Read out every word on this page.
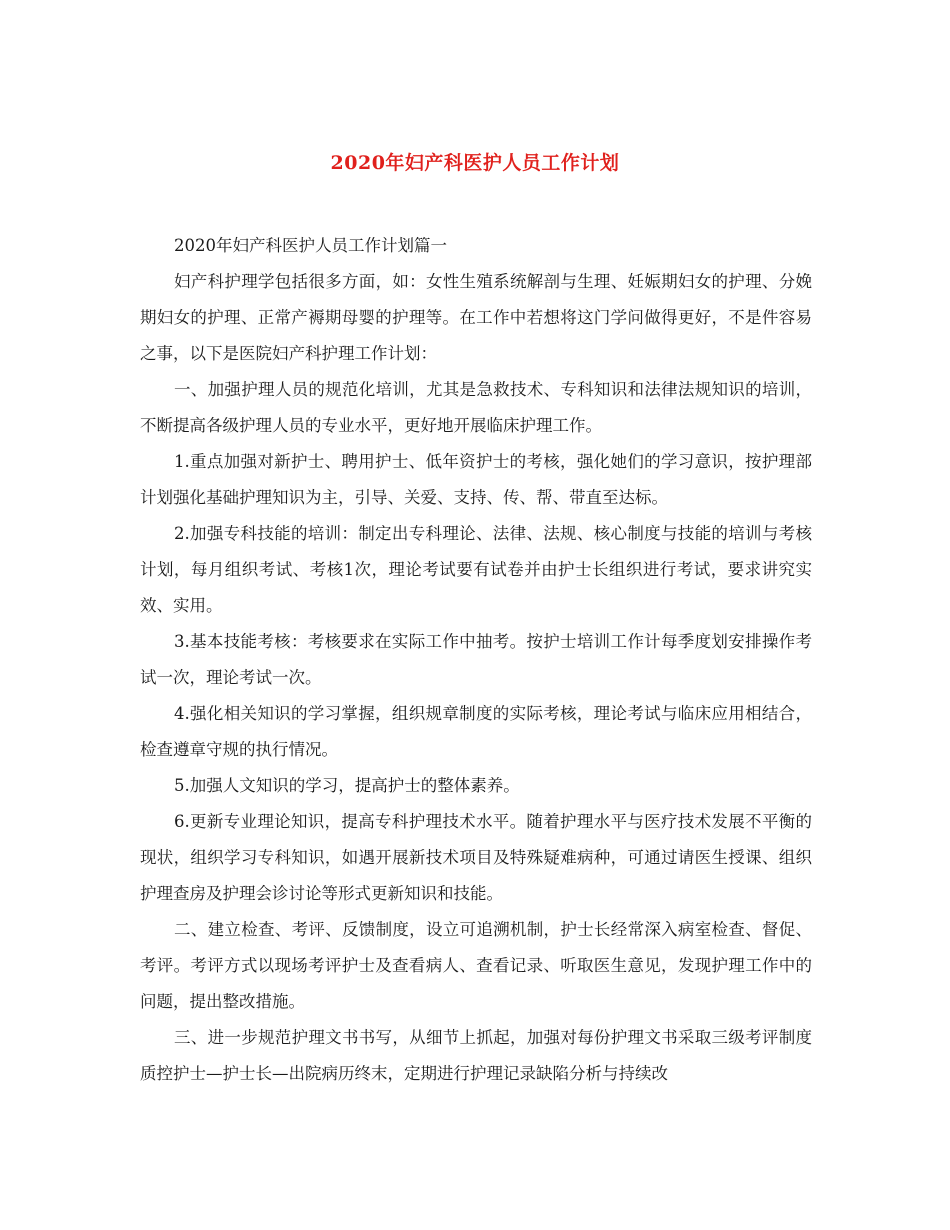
2020年妇产科医护人员工作计划

2020年妇产科医护人员工作计划篇一

妇产科护理学包括很多方面，如：女性生殖系统解剖与生理、妊娠期妇女的护理、分娩期妇女的护理、正常产褥期母婴的护理等。在工作中若想将这门学问做得更好，不是件容易之事，以下是医院妇产科护理工作计划：

一、加强护理人员的规范化培训，尤其是急救技术、专科知识和法律法规知识的培训，不断提高各级护理人员的专业水平，更好地开展临床护理工作。

1.重点加强对新护士、聘用护士、低年资护士的考核，强化她们的学习意识，按护理部计划强化基础护理知识为主，引导、关爱、支持、传、帮、带直至达标。

2.加强专科技能的培训：制定出专科理论、法律、法规、核心制度与技能的培训与考核计划，每月组织考试、考核1次，理论考试要有试卷并由护士长组织进行考试，要求讲究实效、实用。

3.基本技能考核：考核要求在实际工作中抽考。按护士培训工作计每季度划安排操作考试一次，理论考试一次。

4.强化相关知识的学习掌握，组织规章制度的实际考核，理论考试与临床应用相结合，检查遵章守规的执行情况。

5.加强人文知识的学习，提高护士的整体素养。

6.更新专业理论知识，提高专科护理技术水平。随着护理水平与医疗技术发展不平衡的现状，组织学习专科知识，如遇开展新技术项目及特殊疑难病种，可通过请医生授课、组织护理查房及护理会诊讨论等形式更新知识和技能。

二、建立检查、考评、反馈制度，设立可追溯机制，护士长经常深入病室检查、督促、考评。考评方式以现场考评护士及查看病人、查看记录、听取医生意见，发现护理工作中的问题，提出整改措施。

三、进一步规范护理文书书写，从细节上抓起，加强对每份护理文书采取三级考评制度质控护士—护士长—出院病历终末，定期进行护理记录缺陷分析与持续改
